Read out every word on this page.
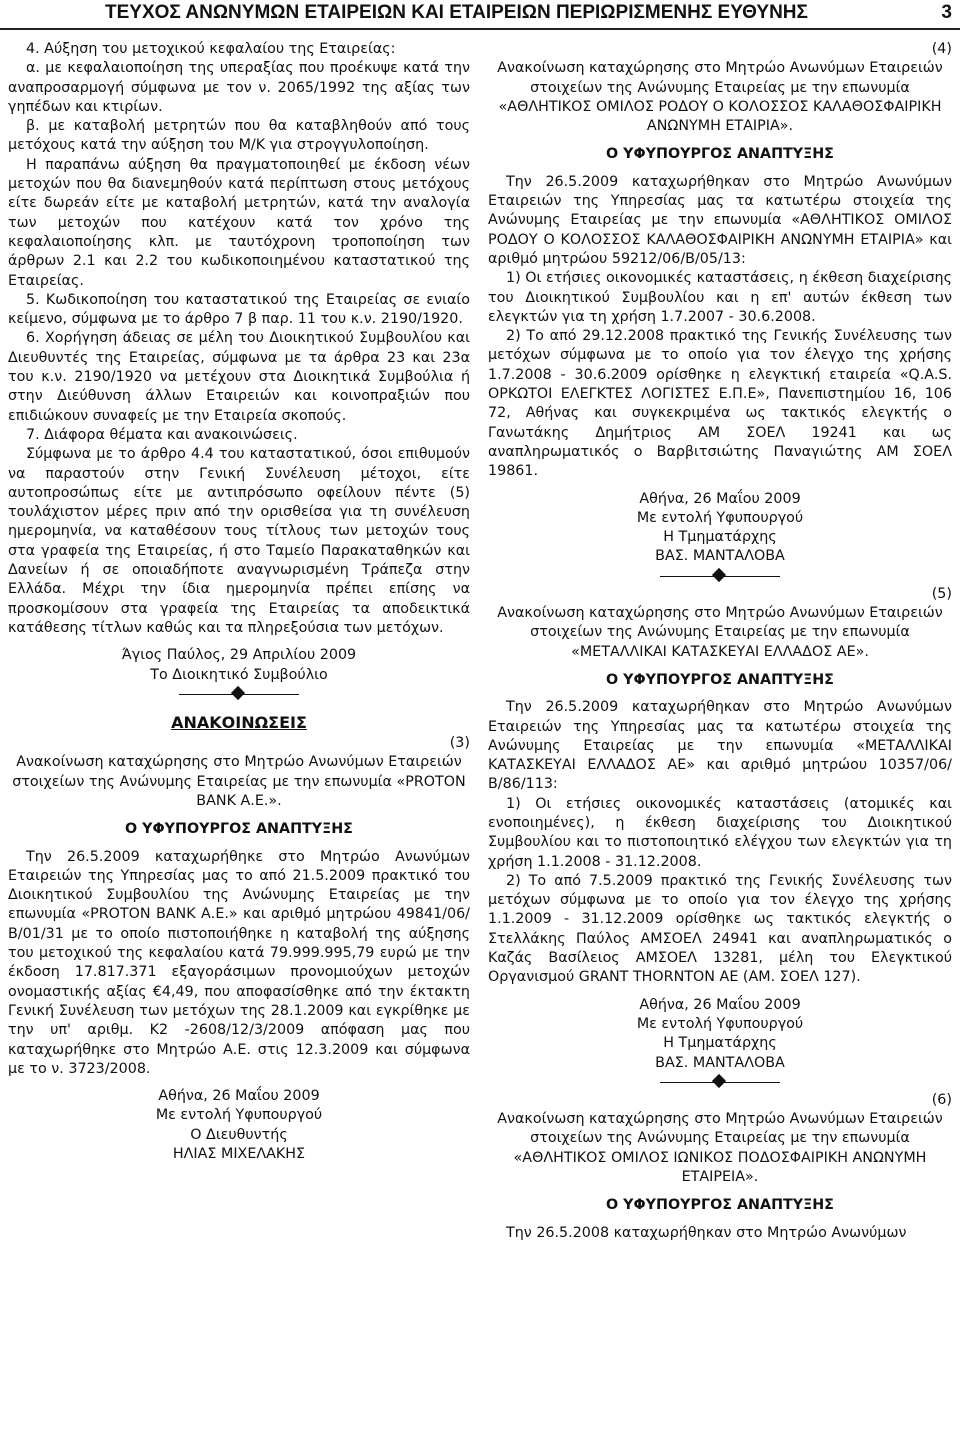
ΤΕΥΧΟΣ ΑΝΩΝΥΜΩΝ ΕΤΑΙΡΕΙΩΝ ΚΑΙ ΕΤΑΙΡΕΙΩΝ ΠΕΡΙΩΡΙΣΜΕΝΗΣ ΕΥΘΥΝΗΣ	3

4. Αύξηση του μετοχικού κεφαλαίου της Εταιρείας:

α. με κεφαλαιοποίηση της υπεραξίας που προέκυψε κατά την αναπροσαρμογή σύμφωνα με τον ν. 2065/1992 της αξίας των γηπέδων και κτιρίων.

β. με καταβολή μετρητών που θα καταβληθούν από τους μετόχους κατά την αύξηση του Μ/Κ για στρογγυλοποίηση.

Η παραπάνω αύξηση θα πραγματοποιηθεί με έκδοση νέων μετοχών που θα διανεμηθούν κατά περίπτωση στους μετόχους είτε δωρεάν είτε με καταβολή μετρητών, κατά την αναλογία των μετοχών που κατέχουν κατά τον χρόνο της κεφαλαιοποίησης κλπ. με ταυτόχρονη τροποποίηση των άρθρων 2.1 και 2.2 του κωδικοποιημένου καταστατικού της Εταιρείας.

5. Κωδικοποίηση του καταστατικού της Εταιρείας σε ενιαίο κείμενο, σύμφωνα με το άρθρο 7 β παρ. 11 του κ.ν. 2190/1920.

6. Χορήγηση άδειας σε μέλη του Διοικητικού Συμβουλίου και Διευθυντές της Εταιρείας, σύμφωνα με τα άρθρα 23 και 23α του κ.ν. 2190/1920 να μετέχουν στα Διοικητικά Συμβούλια ή στην Διεύθυνση άλλων Εταιρειών και κοινοπραξιών που επιδιώκουν συναφείς με την Εταιρεία σκοπούς.

7. Διάφορα θέματα και ανακοινώσεις.

Σύμφωνα με το άρθρο 4.4 του καταστατικού, όσοι επιθυμούν να παραστούν στην Γενική Συνέλευση μέτοχοι, είτε αυτοπροσώπως είτε με αντιπρόσωπο οφείλουν πέντε (5) τουλάχιστον μέρες πριν από την ορισθείσα για τη συνέλευση ημερομηνία, να καταθέσουν τους τίτλους των μετοχών τους στα γραφεία της Εταιρείας, ή στο Ταμείο Παρακαταθηκών και Δανείων ή σε οποιαδήποτε αναγνωρισμένη Τράπεζα στην Ελλάδα. Μέχρι την ίδια ημερομηνία πρέπει επίσης να προσκομίσουν στα γραφεία της Εταιρείας τα αποδεικτικά κατάθεσης τίτλων καθώς και τα πληρεξούσια των μετόχων.

Άγιος Παύλος, 29 Απριλίου 2009

Το Διοικητικό Συμβούλιο

ΑΝΑΚΟΙΝΩΣΕΙΣ

(3)

Ανακοίνωση καταχώρησης στο Μητρώο Ανωνύμων Εταιρειών στοιχείων της Ανώνυμης Εταιρείας με την επωνυμία «PROTON BANK Α.Ε.».

Ο ΥΦΥΠΟΥΡΓΟΣ ΑΝΑΠΤΥΞΗΣ

Την 26.5.2009 καταχωρήθηκε στο Μητρώο Ανωνύμων Εταιρειών της Υπηρεσίας μας το από 21.5.2009 πρακτικό του Διοικητικού Συμβουλίου της Ανώνυμης Εταιρείας με την επωνυμία «PROTON BANK Α.Ε.» και αριθμό μητρώου 49841/06/Β/01/31 με το οποίο πιστοποιήθηκε η καταβολή της αύξησης του μετοχικού της κεφαλαίου κατά 79.999.995,79 ευρώ με την έκδοση 17.817.371 εξαγοράσιμων προνομιούχων μετοχών ονομαστικής αξίας €4,49, που αποφασίσθηκε από την έκτακτη Γενική Συνέλευση των μετόχων της 28.1.2009 και εγκρίθηκε με την υπ' αριθμ. Κ2 -2608/12/3/2009 απόφαση μας που καταχωρήθηκε στο Μητρώο Α.Ε. στις 12.3.2009 και σύμφωνα με το ν. 3723/2008.

Αθήνα, 26 Μαΐου 2009

Με εντολή Υφυπουργού

Ο Διευθυντής

ΗΛΙΑΣ ΜΙΧΕΛΑΚΗΣ

(4)

Ανακοίνωση καταχώρησης στο Μητρώο Ανωνύμων Εταιρειών στοιχείων της Ανώνυμης Εταιρείας με την επωνυμία «ΑΘΛΗΤΙΚΟΣ ΟΜΙΛΟΣ ΡΟΔΟΥ Ο ΚΟΛΟΣΣΟΣ ΚΑΛΑΘΟΣΦΑΙΡΙΚΗ ΑΝΩΝΥΜΗ ΕΤΑΙΡΙΑ».

Ο ΥΦΥΠΟΥΡΓΟΣ ΑΝΑΠΤΥΞΗΣ

Την 26.5.2009 καταχωρήθηκαν στο Μητρώο Ανωνύμων Εταιρειών της Υπηρεσίας μας τα κατωτέρω στοιχεία της Ανώνυμης Εταιρείας με την επωνυμία «ΑΘΛΗΤΙΚΟΣ ΟΜΙΛΟΣ ΡΟΔΟΥ Ο ΚΟΛΟΣΣΟΣ ΚΑΛΑΘΟΣΦΑΙΡΙΚΗ ΑΝΩΝΥΜΗ ΕΤΑΙΡΙΑ» και αριθμό μητρώου 59212/06/Β/05/13:

1) Οι ετήσιες οικονομικές καταστάσεις, η έκθεση διαχείρισης του Διοικητικού Συμβουλίου και η επ' αυτών έκθεση των ελεγκτών για τη χρήση 1.7.2007 - 30.6.2008.

2) Το από 29.12.2008 πρακτικό της Γενικής Συνέλευσης των μετόχων σύμφωνα με το οποίο για τον έλεγχο της χρήσης 1.7.2008 - 30.6.2009 ορίσθηκε η ελεγκτική εταιρεία «Q.A.S. ΟΡΚΩΤΟΙ ΕΛΕΓΚΤΕΣ ΛΟΓΙΣΤΕΣ Ε.Π.Ε», Πανεπιστημίου 16, 106 72, Αθήνας και συγκεκριμένα ως τακτικός ελεγκτής ο Γανωτάκης Δημήτριος ΑΜ ΣΟΕΛ 19241 και ως αναπληρωματικός ο Βαρβιτσιώτης Παναγιώτης ΑΜ ΣΟΕΛ 19861.

Αθήνα, 26 Μαΐου 2009

Με εντολή Υφυπουργού

Η Τμηματάρχης

ΒΑΣ. ΜΑΝΤΑΛΟΒΑ

(5)

Ανακοίνωση καταχώρησης στο Μητρώο Ανωνύμων Εταιρειών στοιχείων της Ανώνυμης Εταιρείας με την επωνυμία «ΜΕΤΑΛΛΙΚΑΙ ΚΑΤΑΣΚΕΥΑΙ ΕΛΛΑΔΟΣ ΑΕ».

Ο ΥΦΥΠΟΥΡΓΟΣ ΑΝΑΠΤΥΞΗΣ

Την 26.5.2009 καταχωρήθηκαν στο Μητρώο Ανωνύμων Εταιρειών της Υπηρεσίας μας τα κατωτέρω στοιχεία της Ανώνυμης Εταιρείας με την επωνυμία «ΜΕΤΑΛΛΙΚΑΙ ΚΑΤΑΣΚΕΥΑΙ ΕΛΛΑΔΟΣ ΑΕ» και αριθμό μητρώου 10357/06/Β/86/113:

1) Οι ετήσιες οικονομικές καταστάσεις (ατομικές και ενοποιημένες), η έκθεση διαχείρισης του Διοικητικού Συμβουλίου και το πιστοποιητικό ελέγχου των ελεγκτών για τη χρήση 1.1.2008 - 31.12.2008.

2) Το από 7.5.2009 πρακτικό της Γενικής Συνέλευσης των μετόχων σύμφωνα με το οποίο για τον έλεγχο της χρήσης 1.1.2009 - 31.12.2009 ορίσθηκε ως τακτικός ελεγκτής ο Στελλάκης Παύλος ΑΜΣΟΕΛ 24941 και αναπληρωματικός ο Καζάς Βασίλειος ΑΜΣΟΕΛ 13281, μέλη του Ελεγκτικού Οργανισμού GRANT THORNTON ΑΕ (ΑΜ. ΣΟΕΛ 127).

Αθήνα, 26 Μαΐου 2009

Με εντολή Υφυπουργού

Η Τμηματάρχης

ΒΑΣ. ΜΑΝΤΑΛΟΒΑ

(6)

Ανακοίνωση καταχώρησης στο Μητρώο Ανωνύμων Εταιρειών στοιχείων της Ανώνυμης Εταιρείας με την επωνυμία «ΑΘΛΗΤΙΚΟΣ ΟΜΙΛΟΣ ΙΩΝΙΚΟΣ ΠΟΔΟΣΦΑΙΡΙΚΗ ΑΝΩΝΥΜΗ ΕΤΑΙΡΕΙΑ».

Ο ΥΦΥΠΟΥΡΓΟΣ ΑΝΑΠΤΥΞΗΣ

Την 26.5.2008 καταχωρήθηκαν στο Μητρώο Ανωνύμων
